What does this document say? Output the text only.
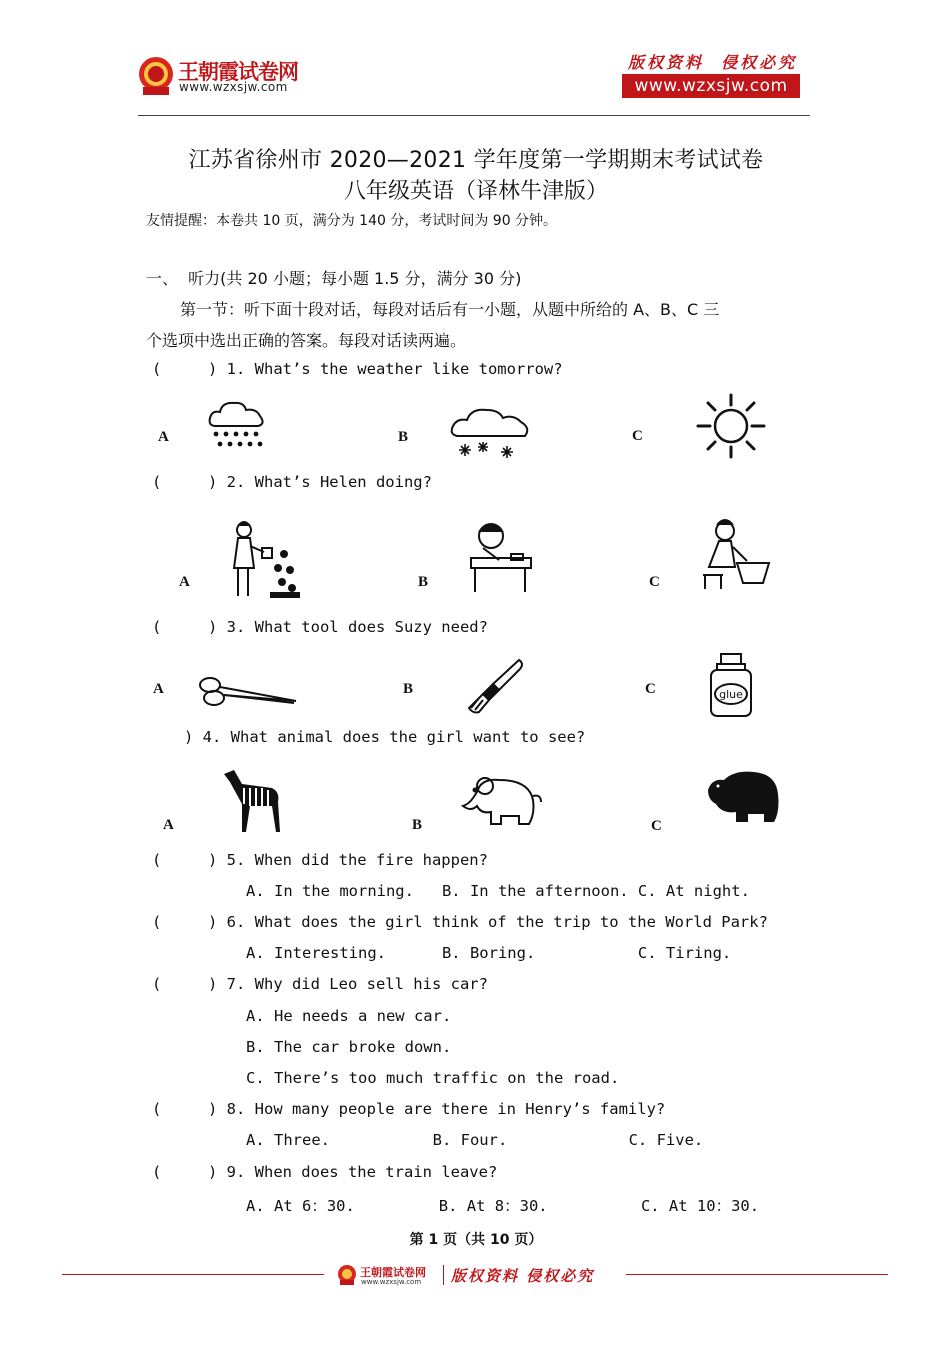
王朝霞试卷网
www.wzxsjw.com
版权资料  侵权必究
www.wzxsjw.com
江苏省徐州市 2020—2021 学年度第一学期期末考试试卷
八年级英语（译林牛津版）
友情提醒：本卷共 10 页，满分为 140 分，考试时间为 90 分钟。
一、  听力(共 20 小题；每小题 1.5 分，满分 30 分)
第一节：听下面十段对话，每段对话后有一小题，从题中所给的 A、B、C 三
个选项中选出正确的答案。每段对话读两遍。
(     ) 1. What’s the weather like tomorrow?
A	B	C
(     ) 2. What’s Helen doing?
A	B	C
(     ) 3. What tool does Suzy need?
A	B	C	glue
) 4. What animal does the girl want to see?
A	B	C
(     ) 5. When did the fire happen?
A. In the morning.   B. In the afternoon. C. At night.
(     ) 6. What does the girl think of the trip to the World Park?
A. Interesting.      B. Boring.           C. Tiring.
(     ) 7. Why did Leo sell his car?
A. He needs a new car.
B. The car broke down.
C. There’s too much traffic on the road.
(     ) 8. How many people are there in Henry’s family?
A. Three.           B. Four.             C. Five.
(     ) 9. When does the train leave?
A. At 6：30.         B. At 8：30.          C. At 10：30.
第 1 页（共 10 页）
王朝霞试卷网
www.wzxsjw.com 版权资料 侵权必究
